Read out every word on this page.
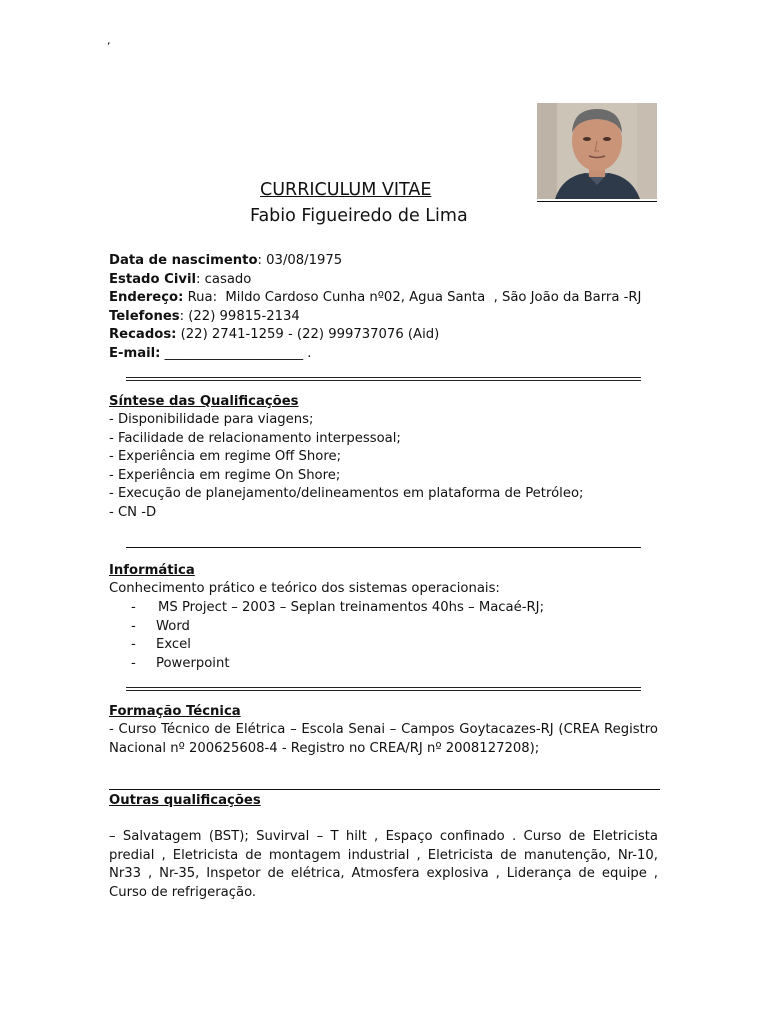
‘
CURRICULUM VITAE
Fabio Figueiredo de Lima
Data de nascimento: 03/08/1975
Estado Civil: casado
Endereço: Rua:  Mildo Cardoso Cunha nº02, Agua Santa  , São João da Barra -RJ
Telefones: (22) 99815-2134
Recados: (22) 2741-1259 - (22) 999737076 (Aid)
E-mail: _____________________ .
Síntese das Qualificações
- Disponibilidade para viagens;
- Facilidade de relacionamento interpessoal;
- Experiência em regime Off Shore;
- Experiência em regime On Shore;
- Execução de planejamento/delineamentos em plataforma de Petróleo;
- CN -D
Informática
Conhecimento prático e teórico dos sistemas operacionais:
-	MS Project – 2003 – Seplan treinamentos 40hs – Macaé-RJ;
-	Word
-	Excel
-	Powerpoint
Formação Técnica
- Curso Técnico de Elétrica – Escola Senai – Campos Goytacazes-RJ (CREA Registro Nacional nº 200625608-4 - Registro no CREA/RJ nº 2008127208);
Outras qualificações
– Salvatagem (BST); Suvirval – T hilt , Espaço confinado . Curso de Eletricista predial , Eletricista de montagem industrial , Eletricista de manutenção, Nr-10, Nr33 , Nr-35, Inspetor de elétrica, Atmosfera explosiva , Liderança de equipe , Curso de refrigeração.
